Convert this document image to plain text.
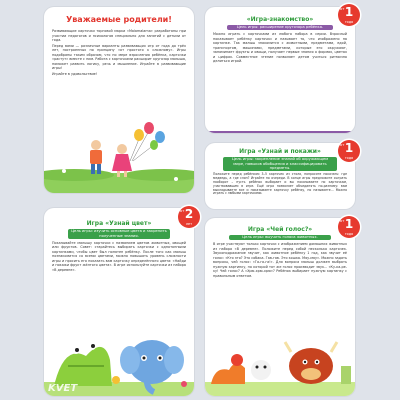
Уважаемые родители!

Развивающие карточки торговой марки «Malamalama» разработаны при участии педагогов и психологов специально для занятий с детьми от года.

Перед вами — различные варианты развивающих игр от года до трёх лет, построенных по принципу «от простого к сложному». Игры подобраны таким образом, что по мере взросления ребёнка, карточки «растут» вместе с ним. Работа с карточками расширит кругозор малыша, поможет развить логику, речь и мышление. Играйте в развивающие игры!

Играйте в удовольствие!

«Игра-знакомство»

Цель игры: расширение кругозора ребёнка.

Можно играть с карточками из любого набора в серии. Взрослый показывает ребёнку карточки и называет то, что изображено на картинке. Так малыш знакомится с животными, предметами, едой, транспортом, машинами, предметами, которые его окружают, запоминает фрукты и овощи, получает первые знания о формах, цветах и цифрах. Совместное чтение позволяет детям учиться ритмично делиться игрой.

от 1
года

Игра «Узнай и покажи»

Цель игры: закрепление знаний об окружающем мире, навыков обобщения и классифицировать предметы.

Положите перед ребёнком 3–5 карточек из стола, попросите показать: где медведь, а где слон? Играйте по очереди. В конце игры предложите сыграть наоборот – пусть ребёнок выбирает и вы показываете по карточкам, участвовавшим в игре. Ещё игра позволяет объединять по-разному: вам выкладываете все и показываете карточку ребёнку, но называете... Можно играть с любыми карточками.

от 1
года

Игра «Узнай цвет»

Цель игры: изучить основные цвета и закрепить полученные знания.

Показывайте малышу карточки с названием цветов животных, овощей или фруктов. Совет: старайтесь выбирать карточки с однотонными картинками, чтобы цвет был понятен ребёнку. После того как малыш познакомится со всеми цветами, можно повышать уровень сложности игры и просить его показать вам карточку определённого цвета: «Найди и покажи фрукт жёлтого цвета». В игре используйте карточки из набора «В деревне».

KVET
от 2
лет

Игра «Чей голос?»

Цель игры: выучить голоса животных.

В игре участвуют только карточки с изображением домашних животных из набора «В деревне». Положите перед собой несколько карточек. Звукоподражание звучит, как животное ребёнку 1 год, как звучит её голос: «Кто это? Это собака. Гав-гав. Это кошка. Мяу-мяу». Можно задать вопросы, чей голос: «Га-га-га!». Для вопроса малыш должен выбрать нужную картинку, по которой тот же голос производит звук... «Ку-ка-ре-ку! Чей голос? А «Хрю-хрю-хрю»? Ребёнок выбирает нужную картинку с правильным ответом.

от 1
года
